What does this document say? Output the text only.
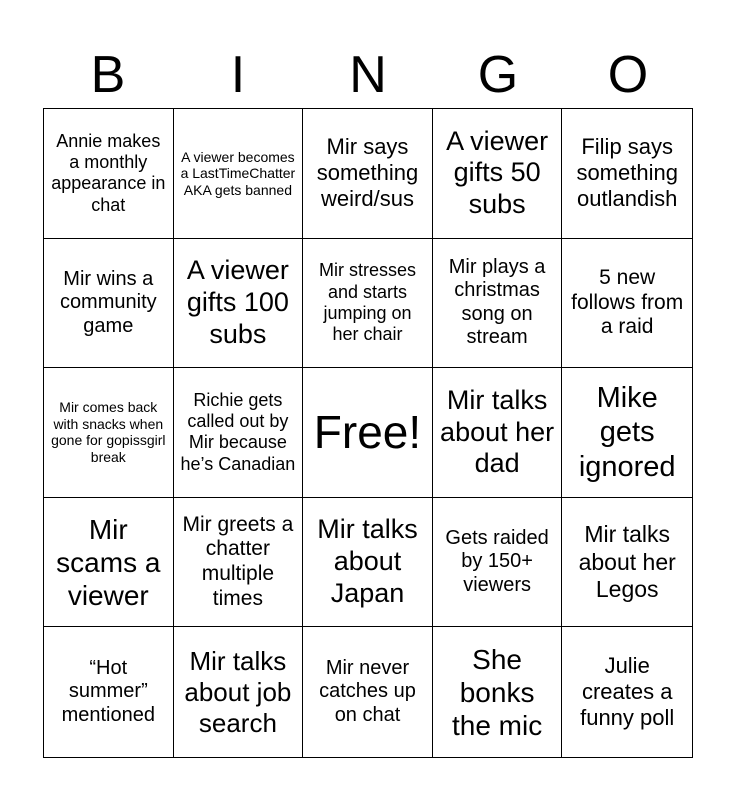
B	I	N	G	O
Annie makes a monthly appearance in chat
A viewer becomes a LastTimeChatter AKA gets banned
Mir says something weird/sus
A viewer gifts 50 subs
Filip says something outlandish
Mir wins a community game
A viewer gifts 100 subs
Mir stresses and starts jumping on her chair
Mir plays a christmas song on stream
5 new follows from a raid
Mir comes back with snacks when gone for gopissgirl break
Richie gets called out by Mir because he’s Canadian
Free!
Mir talks about her dad
Mike gets ignored
Mir scams a viewer
Mir greets a chatter multiple times
Mir talks about Japan
Gets raided by 150+ viewers
Mir talks about her Legos
“Hot summer” mentioned
Mir talks about job search
Mir never catches up on chat
She bonks the mic
Julie creates a funny poll
